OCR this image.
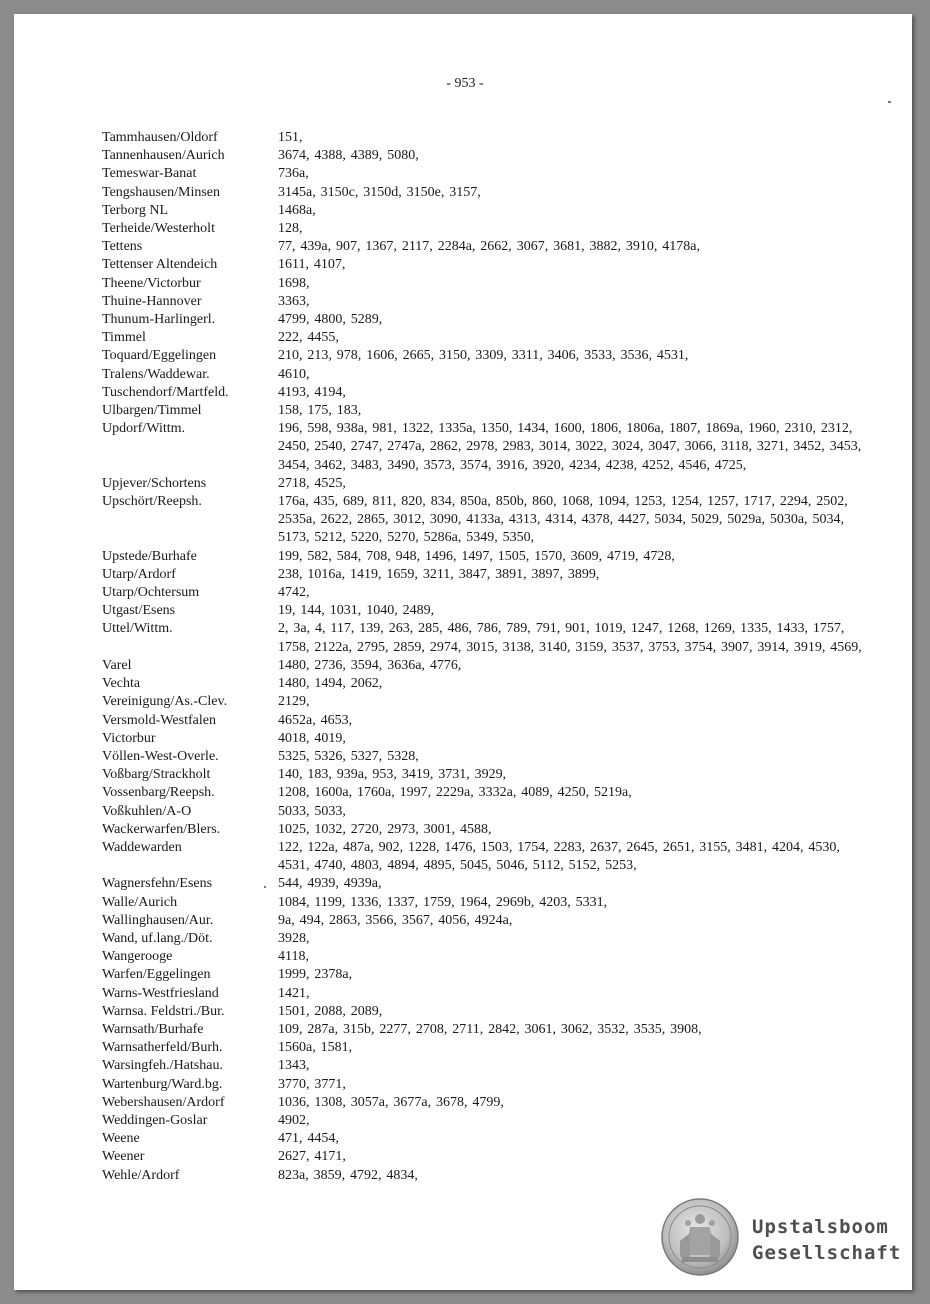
- 953 -
Tammhausen/Oldorf	151,
Tannenhausen/Aurich	3674, 4388, 4389, 5080,
Temeswar-Banat	736a,
Tengshausen/Minsen	3145a, 3150c, 3150d, 3150e, 3157,
Terborg NL	1468a,
Terheide/Westerholt	128,
Tettens	77, 439a, 907, 1367, 2117, 2284a, 2662, 3067, 3681, 3882, 3910, 4178a,
Tettenser Altendeich	1611, 4107,
Theene/Victorbur	1698,
Thuine-Hannover	3363,
Thunum-Harlingerl.	4799, 4800, 5289,
Timmel	222, 4455,
Toquard/Eggelingen	210, 213, 978, 1606, 2665, 3150, 3309, 3311, 3406, 3533, 3536, 4531,
Tralens/Waddewar.	4610,
Tuschendorf/Martfeld.	4193, 4194,
Ulbargen/Timmel	158, 175, 183,
Updorf/Wittm.	196, 598, 938a, 981, 1322, 1335a, 1350, 1434, 1600, 1806, 1806a, 1807, 1869a, 1960, 2310, 2312, 2450, 2540, 2747, 2747a, 2862, 2978, 2983, 3014, 3022, 3024, 3047, 3066, 3118, 3271, 3452, 3453, 3454, 3462, 3483, 3490, 3573, 3574, 3916, 3920, 4234, 4238, 4252, 4546, 4725,
Upjever/Schortens	2718, 4525,
Upschört/Reepsh.	176a, 435, 689, 811, 820, 834, 850a, 850b, 860, 1068, 1094, 1253, 1254, 1257, 1717, 2294, 2502, 2535a, 2622, 2865, 3012, 3090, 4133a, 4313, 4314, 4378, 4427, 5034, 5029, 5029a, 5030a, 5034, 5173, 5212, 5220, 5270, 5286a, 5349, 5350,
Upstede/Burhafe	199, 582, 584, 708, 948, 1496, 1497, 1505, 1570, 3609, 4719, 4728,
Utarp/Ardorf	238, 1016a, 1419, 1659, 3211, 3847, 3891, 3897, 3899,
Utarp/Ochtersum	4742,
Utgast/Esens	19, 144, 1031, 1040, 2489,
Uttel/Wittm.	2, 3a, 4, 117, 139, 263, 285, 486, 786, 789, 791, 901, 1019, 1247, 1268, 1269, 1335, 1433, 1757, 1758, 2122a, 2795, 2859, 2974, 3015, 3138, 3140, 3159, 3537, 3753, 3754, 3907, 3914, 3919, 4569,
Varel	1480, 2736, 3594, 3636a, 4776,
Vechta	1480, 1494, 2062,
Vereinigung/As.-Clev.	2129,
Versmold-Westfalen	4652a, 4653,
Victorbur	4018, 4019,
Völlen-West-Overle.	5325, 5326, 5327, 5328,
Voßbarg/Strackholt	140, 183, 939a, 953, 3419, 3731, 3929,
Vossenbarg/Reepsh.	1208, 1600a, 1760a, 1997, 2229a, 3332a, 4089, 4250, 5219a,
Voßkuhlen/A-O	5033, 5033,
Wackerwarfen/Blers.	1025, 1032, 2720, 2973, 3001, 4588,
Waddewarden	122, 122a, 487a, 902, 1228, 1476, 1503, 1754, 2283, 2637, 2645, 2651, 3155, 3481, 4204, 4530, 4531, 4740, 4803, 4894, 4895, 5045, 5046, 5112, 5152, 5253,
Wagnersfehn/Esens	544, 4939, 4939a,
Walle/Aurich	1084, 1199, 1336, 1337, 1759, 1964, 2969b, 4203, 5331,
Wallinghausen/Aur.	9a, 494, 2863, 3566, 3567, 4056, 4924a,
Wand, uf.lang./Döt.	3928,
Wangerooge	4118,
Warfen/Eggelingen	1999, 2378a,
Warns-Westfriesland	1421,
Warnsa. Feldstri./Bur.	1501, 2088, 2089,
Warnsath/Burhafe	109, 287a, 315b, 2277, 2708, 2711, 2842, 3061, 3062, 3532, 3535, 3908,
Warnsatherfeld/Burh.	1560a, 1581,
Warsingfeh./Hatshau.	1343,
Wartenburg/Ward.bg.	3770, 3771,
Webershausen/Ardorf	1036, 1308, 3057a, 3677a, 3678, 4799,
Weddingen-Goslar	4902,
Weene	471, 4454,
Weener	2627, 4171,
Wehle/Ardorf	823a, 3859, 4792, 4834,
Upstalsboom
Gesellschaft
